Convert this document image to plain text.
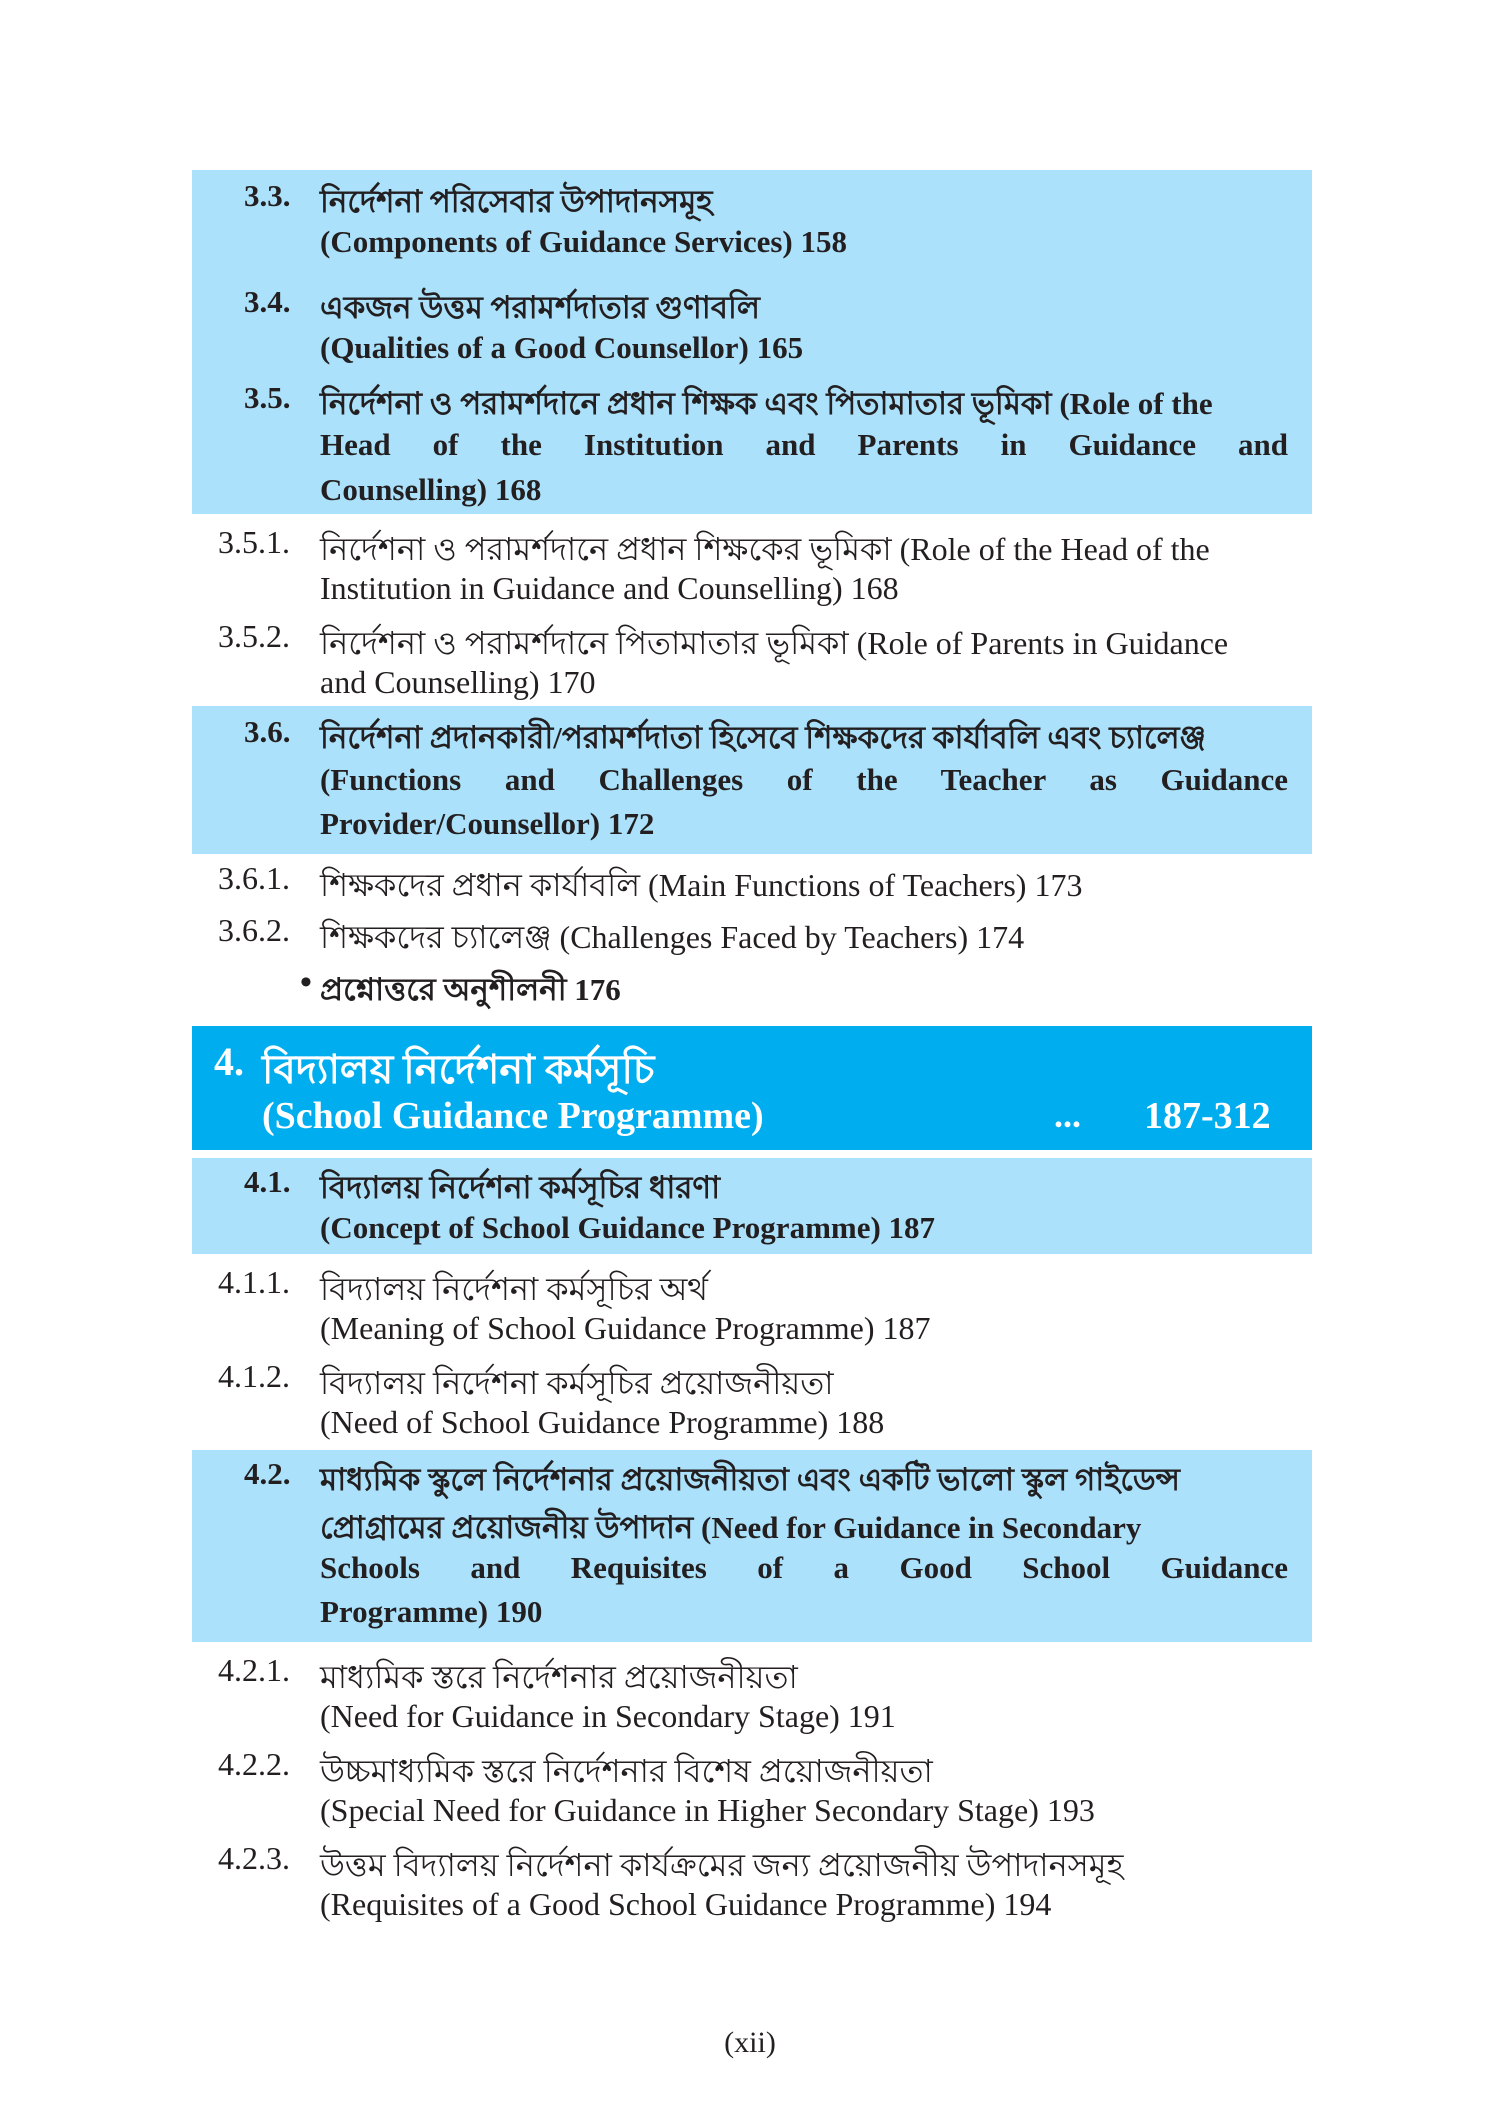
3.3. নির্দেশনা পরিসেবার উপাদানসমূহ
(Components of Guidance Services) 158
3.4. একজন উত্তম পরামর্শদাতার গুণাবলি
(Qualities of a Good Counsellor) 165
3.5. নির্দেশনা ও পরামর্শদানে প্রধান শিক্ষক এবং পিতামাতার ভূমিকা (Role of the
Head of the Institution and Parents in Guidance and
Counselling) 168
3.5.1. নির্দেশনা ও পরামর্শদানে প্রধান শিক্ষকের ভূমিকা (Role of the Head of the
Institution in Guidance and Counselling) 168
3.5.2. নির্দেশনা ও পরামর্শদানে পিতামাতার ভূমিকা (Role of Parents in Guidance
and Counselling) 170
3.6. নির্দেশনা প্রদানকারী/পরামর্শদাতা হিসেবে শিক্ষকদের কার্যাবলি এবং চ্যালেঞ্জ
(Functions and Challenges of the Teacher as Guidance
Provider/Counsellor) 172
3.6.1. শিক্ষকদের প্রধান কার্যাবলি (Main Functions of Teachers) 173
3.6.2. শিক্ষকদের চ্যালেঞ্জ (Challenges Faced by Teachers) 174
• প্রশ্নোত্তরে অনুশীলনী 176
4. বিদ্যালয় নির্দেশনা কর্মসূচি
(School Guidance Programme)	... 187-312
4.1. বিদ্যালয় নির্দেশনা কর্মসূচির ধারণা
(Concept of School Guidance Programme) 187
4.1.1. বিদ্যালয় নির্দেশনা কর্মসূচির অর্থ
(Meaning of School Guidance Programme) 187
4.1.2. বিদ্যালয় নির্দেশনা কর্মসূচির প্রয়োজনীয়তা
(Need of School Guidance Programme) 188
4.2. মাধ্যমিক স্কুলে নির্দেশনার প্রয়োজনীয়তা এবং একটি ভালো স্কুল গাইডেন্স
প্রোগ্রামের প্রয়োজনীয় উপাদান (Need for Guidance in Secondary
Schools and Requisites of a Good School Guidance
Programme) 190
4.2.1. মাধ্যমিক স্তরে নির্দেশনার প্রয়োজনীয়তা
(Need for Guidance in Secondary Stage) 191
4.2.2. উচ্চমাধ্যমিক স্তরে নির্দেশনার বিশেষ প্রয়োজনীয়তা
(Special Need for Guidance in Higher Secondary Stage) 193
4.2.3. উত্তম বিদ্যালয় নির্দেশনা কার্যক্রমের জন্য প্রয়োজনীয় উপাদানসমূহ
(Requisites of a Good School Guidance Programme) 194
(xii)
